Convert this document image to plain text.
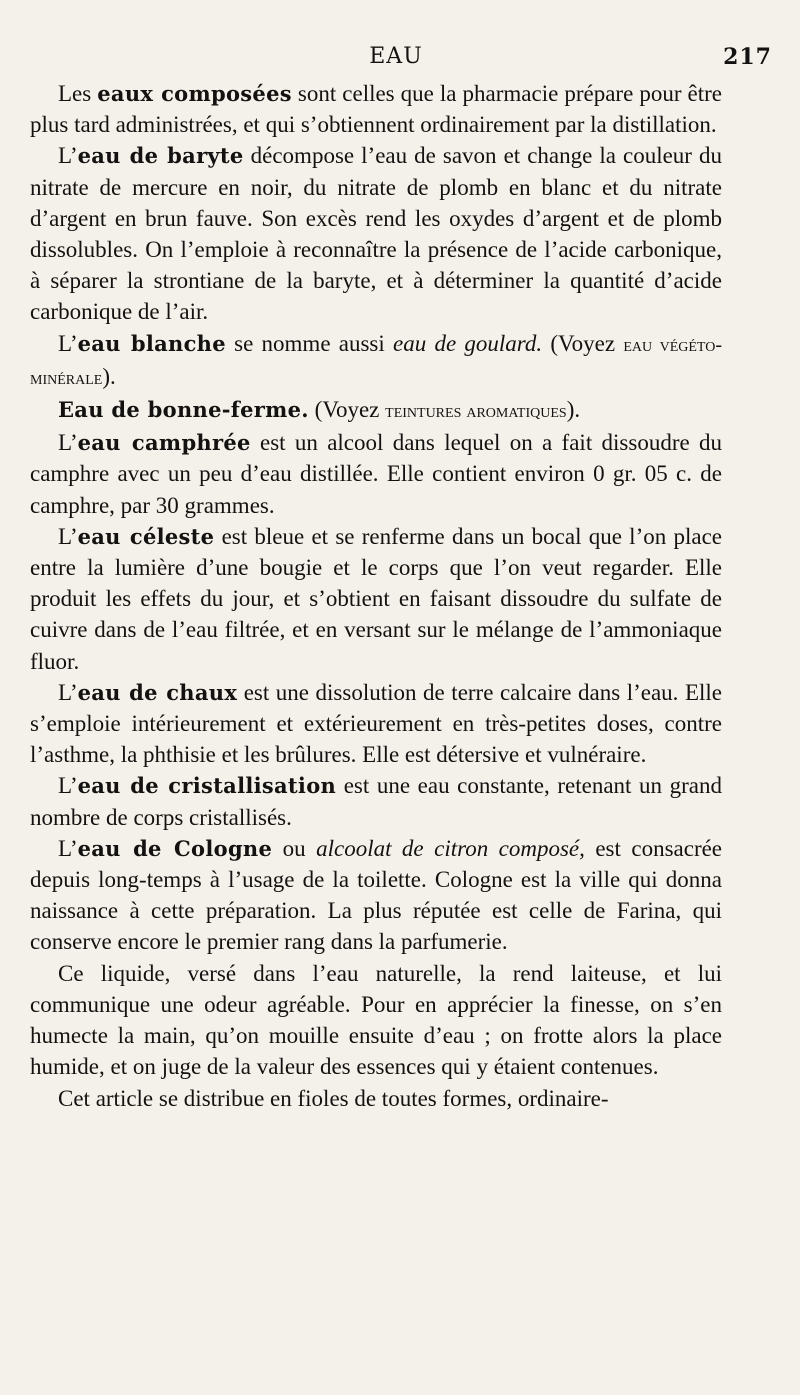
EAU	217

Les eaux composées sont celles que la pharmacie prépare pour être plus tard administrées, et qui s’obtiennent ordinairement par la distillation.

L’eau de baryte décompose l’eau de savon et change la couleur du nitrate de mercure en noir, du nitrate de plomb en blanc et du nitrate d’argent en brun fauve. Son excès rend les oxydes d’argent et de plomb dissolubles. On l’emploie à reconnaître la présence de l’acide carbonique, à séparer la strontiane de la baryte, et à déterminer la quantité d’acide carbonique de l’air.

L’eau blanche se nomme aussi eau de goulard. (Voyez eau végéto-minérale).

Eau de bonne-ferme. (Voyez teintures aromatiques).

L’eau camphrée est un alcool dans lequel on a fait dissoudre du camphre avec un peu d’eau distillée. Elle contient environ 0 gr. 05 c. de camphre, par 30 grammes.

L’eau céleste est bleue et se renferme dans un bocal que l’on place entre la lumière d’une bougie et le corps que l’on veut regarder. Elle produit les effets du jour, et s’obtient en faisant dissoudre du sulfate de cuivre dans de l’eau filtrée, et en versant sur le mélange de l’ammoniaque fluor.

L’eau de chaux est une dissolution de terre calcaire dans l’eau. Elle s’emploie intérieurement et extérieurement en très-petites doses, contre l’asthme, la phthisie et les brûlures. Elle est détersive et vulnéraire.

L’eau de cristallisation est une eau constante, retenant un grand nombre de corps cristallisés.

L’eau de Cologne ou alcoolat de citron composé, est consacrée depuis long-temps à l’usage de la toilette. Cologne est la ville qui donna naissance à cette préparation. La plus réputée est celle de Farina, qui conserve encore le premier rang dans la parfumerie.

Ce liquide, versé dans l’eau naturelle, la rend laiteuse, et lui communique une odeur agréable. Pour en apprécier la finesse, on s’en humecte la main, qu’on mouille ensuite d’eau ; on frotte alors la place humide, et on juge de la valeur des essences qui y étaient contenues.

Cet article se distribue en fioles de toutes formes, ordinaire-
